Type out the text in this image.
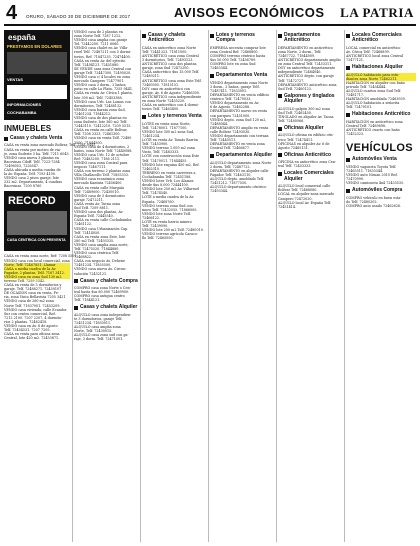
4 ORURO, SÁBADO 30 DE DICIEMBRE DE 2017	AVISOS ECONÓMICOS LA PATRIA
españa
PRESTAMOS EN DOLARES
VENTAS
INFORMACIONES
COCHABAMBA
INMUEBLES
Casas y chalets Venta
CASA en venta zona mercado Bolívar, Telf. 7281 0445.
CASA en venta por motivo de via-
je, zona Sudeste 3 ha. Telf. 7211 6045.
VENDO casa nueva 3 plantas en
Bacovinas Cdoff. Telf. 7223-7284
72496053, 7226547.
CASA ubicada a media cuadra de
la Av. España. Telf. 7193 4100.
VENDO casa 2 pisos garaje, lote
232 m2. Departamento, 4 cuadras
Bacovinas. 7200 8760
RECORD
CASA CENTRICA CON PREVENTA
CASA en venta zona norte, Ref: 7208 5501.
VENDO casa con local comercial, zona
Norte, Telf: 72467851. Llamar
CASA a media cuadra de la Av.
Pagador, 2 plantas, Telf. 7167 3412.
VENDO casa en zona Sud 130 m2
terreno Telf. 7259 3342.
CASA en venta de 3 dormitorios y
garaje. Telf. 72488271. 72459107
DE OCASIÓN casa en venta, Fe-
ria, zona Vinto Bellavista 7205 3421
VENDO casa de 260 m2 zona
Norte Telf. 71837001. 72453209.
VENDO casa vivienda, calle Ecuador
Sur con centro comercial, Ref.
7212 2100. 7207 2207, 4 dormito-
rios 2 plantas. 72462418.
VENDO casa en Av. 6 de agosto
Telf. 72454531. 7207 7205.
CASA en venta para oficina zona
Central, lote 420 m2. 72453871.
VENDO casa de 2 plantas en
zona Norte Telf. 7287 1212.
VENDO casa amplia con garaje
Tel. 72442200. 7211 6060.
VENDO casa chalet en Av. Villa-
rroel Telf. 72487211 con 5 dormi-
torios, Ref. 71847235, 72474400.
CASA en venta Av. del ejército
Telf. 72494121. 72451880.
SE VENDE casa zona Central con
garaje Telf. 72447300, 72495020.
VENDO casa c/ 4 locales en zona
mercado Campero 72477901.
VENDO casa 3 dorm., 2 baños,
patio en calle La Plata. 7255 9441.
CASA en venta Av. Cívica 1 planta,
lote 300 m2. Telf. 72453388.
VENDO casa Urb. Las Lomas con
dormitorios, Telf. 72488132.
VENDO casa barata zona Sud,
72461234. 71844212.
VENDO casa de dos plantas en
zona Sudeste, lote 360 m2 Telf.
72443110. 72412210. 7209 5515.
CASA en venta en calle Bolívar,
Telf. 7208 2323, 72461300.
VENDO casa en venta Telf. 72480
3500, 71844500.
VENDO casa de 4 dormitorios, 2
baños, zona Norte Telf. 72440088.
VENDO casa Urb. 12 de octubre
Ref: 72483200. 7186 2111.
VENDO casa zona Central para
negocio 72467111.
CASA con terreno 2 plantas zona
Villa Challacollo Telf. 71855333.
VENDO casa económica zona
mercado Kantuta 72456400.
CASA en venta calle Murguía
Telf: 72489000. 72430010.
VENDO casa de 5 dormitorios
garaje 72472211.
CASA venta Av. Tacna zona
Sud Telf. 7209 8811.
VENDO casa dos plantas, Av.
España Telf. 72445540.
CASA en venta calle Cochabamba
72461122.
VENDO casa Urbanización Cap.
Telf. 72414050.
CASA en venta zona Este, lote
280 m2 Telf. 72493335.
VENDO casa amplia zona norte,
Telf. 72475520. 71844880.
VENDO casa céntrica Telf.
72468822.
CASA con negocio Av. Dehene
72481234. 71855500.
VENDO casa nueva Av. Circun-
valación 72432121.
Casas y chalets Compra
COMPRO casa zona Norte o Cen-
tral hasta $us 80.000 72469900.
COMPRO casa antigua centro
Telf. 71844121.
Casas y chalets Alquiler
ALQUILO casa zona independien-
te 3 dormitorios, garaje Telf.
72451234. 71850011.
ALQUILO casa amplia zona
Norte, Telf. 72430015.
ALQUILO casa zona sud con ga-
raje, 3 dorm. Telf. 72471001.
Casas y chalets Anticrético
CASA en anticrético zona Norte
Telf. 72441323. 71811000.
ANTICRÉTICO casa zona Central
3 dormitorios, Telf. 72493123.
ANTICRÉTICO casa dos plantas,
garaje, zona Sud 72472200.
CASA anticrético $us 15.000 Telf.
72489211.
ANTICRÉTICO casa zona Este Telf.
72460505. 71815151.
DOY casa en anticrético con
garaje, Av. 6 de Agosto 72466300.
ANTICRÉTICO casa independiente
en zona Norte 72455220.
CASA en anticrético con 4 dormi-
torios Telf. 72463400.
Lotes y terrenos Venta
LOTES en venta zona Norte,
Telf. 72478001. 71877100.
VENDO lote 300 m2 zona Sud,
72461234.
LOTE en venta Av. Tomás Barrón
Telf. 72453900.
VENDO terreno 1.000 m2 zona
Vinto, Telf. 72483333.
LOTE con construcción zona Este
Telf. 72470011. 71844455.
VENDO lote esquina 450 m2, Ref.
72462310.
TERRENO en venta carretera a
Cochabamba Telf. 72451188.
VENDO lotes Urb. Los Álamos
desde $us 8.000 72444100.
VENDO lote 250 m2 Av. Villarroel
Telf. 72474540.
LOTE a media cuadra de la Av.
España. 72468760.
VENDO terreno zona Sud con
muro Telf. 72432555. 71866000.
VENDO lote zona Norte Telf.
72466122.
LOTE en venta barrio minero
Telf. 72439090.
VENDO lote 200 m2 Telf. 72480010.
VENDO terreno agrícola Caraco-
llo Telf. 72465050.
Lotes y terrenos Compra
EMPRESA necesita comprar lote
zona Central Ref. 72468800.
COMPRO terreno céntrico hasta
$us 50.000 Telf. 72456789.
COMPRO lote en zona Sud
72463344.
Departamentos Venta
VENDO departamento zona Norte
3 dorm., 2 baños, garaje Telf.
72487411. 71833001.
DEPARTAMENTO en venta edificio
céntrico Telf. 72470033.
VENDO departamento en Av.
6 de Agosto. 72462288.
DEPARTAMENTO nuevo en venta
con parqueo 72451000.
VENDO depto. zona Sud 120 m2,
72488044.
DEPARTAMENTO amplio en venta
calle Bolívar 72493030.
VENDO departamento con terraza
Telf. 72445511.
DEPARTAMENTO en venta zona
Central Telf. 72466677.
Departamentos Alquiler
ALQUILO departamento zona Norte
2 dorm. Telf. 72487722.
DEPARTAMENTO en alquiler calle
Pagador Telf. 72463110.
ALQUILO depto. amoblado Telf.
72451212. 71877550.
ALQUILO departamento céntrico
72493344.
Departamentos Anticrético
DEPARTAMENTO en anticrético
zona Norte, 2 dorm., Telf.
72467722. 71844009.
ANTICRÉTICO departamento amplio
en zona Central Telf. 72453311.
DOY en anticrético departamento
independiente 72484040.
ANTICRÉTICO depto. con garaje
Telf. 72472727.
DEPARTAMENTO anticrético zona
Sud Telf. 72460123.
Galpones y tinglados Alquiler
ALQUILO galpón 300 m2 zona
Sud Telf. 72462450.
TINGLADO en alquiler Av. Tacna
Telf. 72480066.
Oficinas Alquiler
ALQUILO oficina en edificio cén-
trico Telf. 72474411.
OFICINAS en alquiler Av. 6 de
Agosto 72465151.
Oficinas Anticrético
OFICINA en anticrético zona Cen-
tral Telf. 72453333.
Locales Comerciales Alquiler
ALQUILO local comercial calle
Bolívar Telf. 72468080.
LOCAL en alquiler zona mercado
Campero 72472020.
ALQUILO local Av. España Telf.
72451414.
Locales Comerciales Anticrético
LOCAL comercial en anticrético
Av. Cívica Telf. 72468899.
ANTICRÉTICO local zona Central
72477121.
Habitaciones Alquiler
ALQUILO habitación para estu-
diantes zona Norte 72462211.
HABITACIÓN en alquiler con baño
privado Telf. 72454444.
ALQUILO cuartos zona Sud Telf.
72481717.
HABITACIÓN amoblada 72463939.
ALQUILO habitación a señorita
Telf. 72470101.
Habitaciones Anticrético
HABITACIÓN en anticrético zona
Central Telf. 72489898.
ANTICRÉTICO cuarto con baño
72452323.
VEHÍCULOS
Automóviles Venta
VENDO vagoneta Toyota Telf.
72465511. 71833344.
VENDO auto Nissan 2010 Ref.
72470990.
VENDO camioneta 4x4 72453535.
Automóviles Compra
COMPRO vehículo en buen esta-
do Telf. 72480202.
COMPRO auto usado 72462626.
